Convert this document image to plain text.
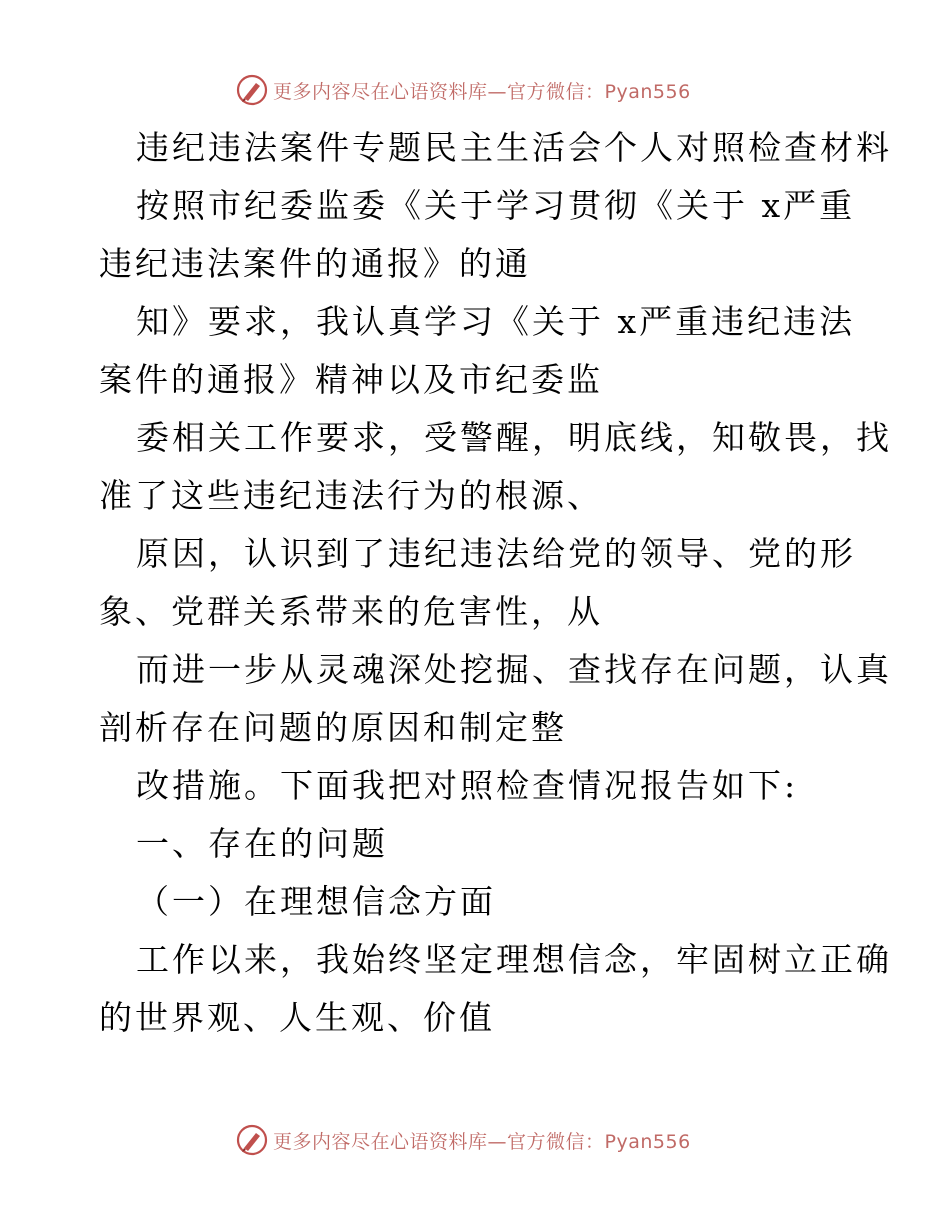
更多内容尽在心语资料库—官方微信：Pyan556
违纪违法案件专题民主生活会个人对照检查材料
按照市纪委监委《关于学习贯彻《关于 x严重
违纪违法案件的通报》的通
知》要求，我认真学习《关于 x严重违纪违法
案件的通报》精神以及市纪委监
委相关工作要求，受警醒，明底线，知敬畏，找
准了这些违纪违法行为的根源、
原因，认识到了违纪违法给党的领导、党的形
象、党群关系带来的危害性，从
而进一步从灵魂深处挖掘、查找存在问题，认真
剖析存在问题的原因和制定整
改措施。下面我把对照检查情况报告如下:
一、存在的问题
（一）在理想信念方面
工作以来，我始终坚定理想信念，牢固树立正确
的世界观、人生观、价值
更多内容尽在心语资料库—官方微信：Pyan556
